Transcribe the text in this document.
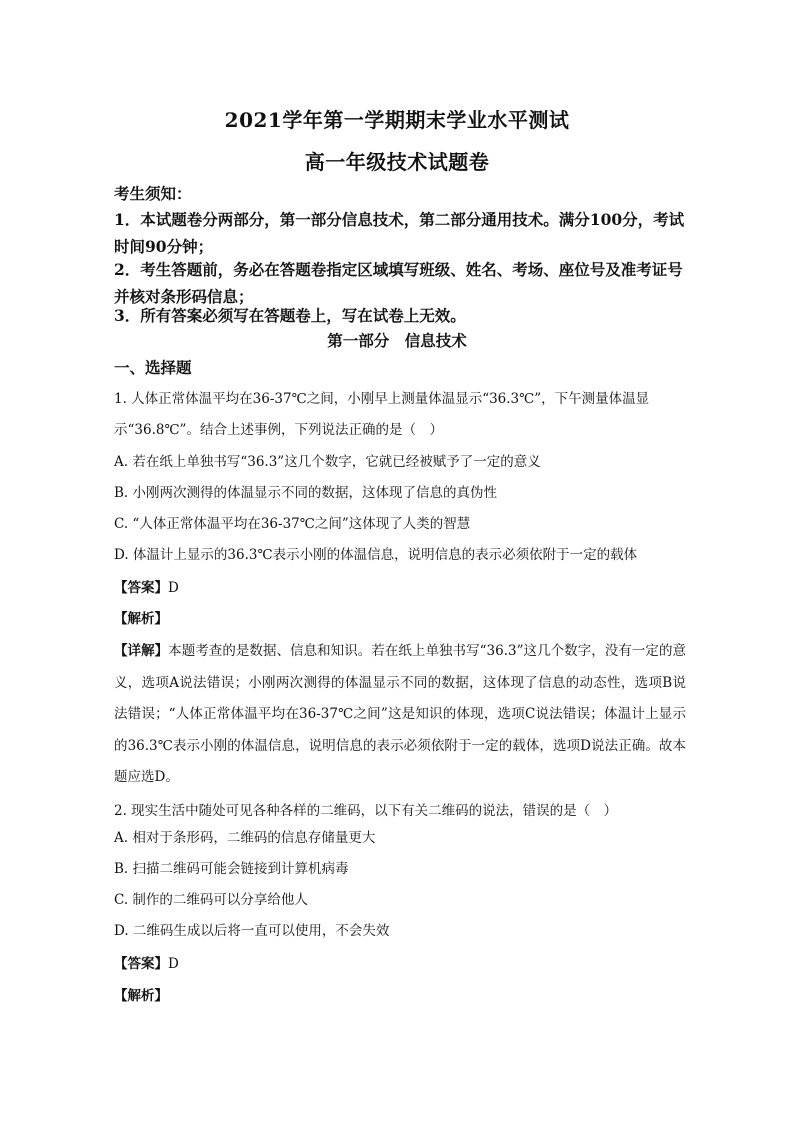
2021学年第一学期期末学业水平测试
高一年级技术试题卷
考生须知：
1．本试题卷分两部分，第一部分信息技术，第二部分通用技术。满分100分，考试时间90分钟；
2．考生答题前，务必在答题卷指定区域填写班级、姓名、考场、座位号及准考证号并核对条形码信息；
3．所有答案必须写在答题卷上，写在试卷上无效。
第一部分　信息技术
一、选择题
1. 人体正常体温平均在36-37℃之间，小刚早上测量体温显示“36.3℃”，下午测量体温显示“36.8℃”。结合上述事例，下列说法正确的是（　）
A. 若在纸上单独书写“36.3”这几个数字，它就已经被赋予了一定的意义
B. 小刚两次测得的体温显示不同的数据，这体现了信息的真伪性
C. “人体正常体温平均在36-37℃之间”这体现了人类的智慧
D. 体温计上显示的36.3℃表示小刚的体温信息，说明信息的表示必须依附于一定的载体
【答案】D
【解析】
【详解】本题考查的是数据、信息和知识。若在纸上单独书写“36.3”这几个数字，没有一定的意义，选项A说法错误；小刚两次测得的体温显示不同的数据，这体现了信息的动态性，选项B说法错误；“人体正常体温平均在36-37℃之间”这是知识的体现，选项C说法错误；体温计上显示的36.3℃表示小刚的体温信息，说明信息的表示必须依附于一定的载体，选项D说法正确。故本题应选D。
2. 现实生活中随处可见各种各样的二维码，以下有关二维码的说法，错误的是（　）
A. 相对于条形码，二维码的信息存储量更大
B. 扫描二维码可能会链接到计算机病毒
C. 制作的二维码可以分享给他人
D. 二维码生成以后将一直可以使用，不会失效
【答案】D
【解析】
